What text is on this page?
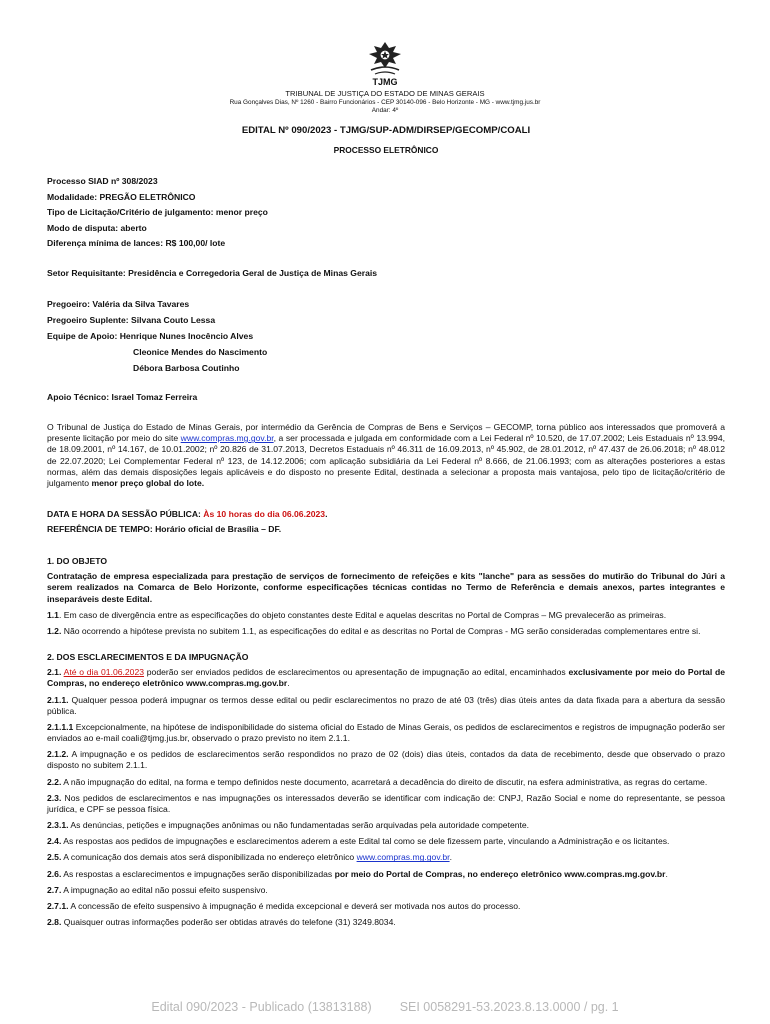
TJMG
TRIBUNAL DE JUSTIÇA DO ESTADO DE MINAS GERAIS
Rua Gonçalves Dias, Nº 1260 - Bairro Funcionários - CEP 30140-096 - Belo Horizonte - MG - www.tjmg.jus.br
Andar: 4º
EDITAL Nº 090/2023 - TJMG/SUP-ADM/DIRSEP/GECOMP/COALI
PROCESSO ELETRÔNICO
Processo SIAD nº 308/2023
Modalidade: PREGÃO ELETRÔNICO
Tipo de Licitação/Critério de julgamento: menor preço
Modo de disputa: aberto
Diferença mínima de lances: R$ 100,00/ lote
Setor Requisitante: Presidência e Corregedoria Geral de Justiça de Minas Gerais
Pregoeiro: Valéria da Silva Tavares
Pregoeiro Suplente: Silvana Couto Lessa
Equipe de Apoio: Henrique Nunes Inocêncio Alves
Cleonice Mendes do Nascimento
Débora Barbosa Coutinho
Apoio Técnico: Israel Tomaz Ferreira
O Tribunal de Justiça do Estado de Minas Gerais, por intermédio da Gerência de Compras de Bens e Serviços – GECOMP, torna público aos interessados que promoverá a presente licitação por meio do site www.compras.mg.gov.br, a ser processada e julgada em conformidade com a Lei Federal nº 10.520, de 17.07.2002; Leis Estaduais nº 13.994, de 18.09.2001, nº 14.167, de 10.01.2002; nº 20.826 de 31.07.2013, Decretos Estaduais nº 46.311 de 16.09.2013, nº 45.902, de 28.01.2012, nº 47.437 de 26.06.2018; nº 48.012 de 22.07.2020; Lei Complementar Federal nº 123, de 14.12.2006; com aplicação subsidiária da Lei Federal nº 8.666, de 21.06.1993; com as alterações posteriores a estas normas, além das demais disposições legais aplicáveis e do disposto no presente Edital, destinada a selecionar a proposta mais vantajosa, pelo tipo de licitação/critério de julgamento menor preço global do lote.
DATA E HORA DA SESSÃO PÚBLICA: Às 10 horas do dia 06.06.2023.
REFERÊNCIA DE TEMPO: Horário oficial de Brasília – DF.

1. DO OBJETO

Contratação de empresa especializada para prestação de serviços de fornecimento de refeições e kits "lanche" para as sessões do mutirão do Tribunal do Júri a serem realizados na Comarca de Belo Horizonte, conforme especificações técnicas contidas no Termo de Referência e demais anexos, partes integrantes e inseparáveis deste Edital.

1.1. Em caso de divergência entre as especificações do objeto constantes deste Edital e aquelas descritas no Portal de Compras – MG prevalecerão as primeiras.

1.2. Não ocorrendo a hipótese prevista no subitem 1.1, as especificações do edital e as descritas no Portal de Compras - MG serão consideradas complementares entre si.

2. DOS ESCLARECIMENTOS E DA IMPUGNAÇÃO

2.1. Até o dia 01.06.2023 poderão ser enviados pedidos de esclarecimentos ou apresentação de impugnação ao edital, encaminhados exclusivamente por meio do Portal de Compras, no endereço eletrônico www.compras.mg.gov.br.

2.1.1. Qualquer pessoa poderá impugnar os termos desse edital ou pedir esclarecimentos no prazo de até 03 (três) dias úteis antes da data fixada para a abertura da sessão pública.

2.1.1.1 Excepcionalmente, na hipótese de indisponibilidade do sistema oficial do Estado de Minas Gerais, os pedidos de esclarecimentos e registros de impugnação poderão ser enviados ao e-mail coali@tjmg.jus.br, observado o prazo previsto no item 2.1.1.

2.1.2. A impugnação e os pedidos de esclarecimentos serão respondidos no prazo de 02 (dois) dias úteis, contados da data de recebimento, desde que observado o prazo disposto no subitem 2.1.1.

2.2. A não impugnação do edital, na forma e tempo definidos neste documento, acarretará a decadência do direito de discutir, na esfera administrativa, as regras do certame.

2.3. Nos pedidos de esclarecimentos e nas impugnações os interessados deverão se identificar com indicação de: CNPJ, Razão Social e nome do representante, se pessoa jurídica, e CPF se pessoa física.

2.3.1. As denúncias, petições e impugnações anônimas ou não fundamentadas serão arquivadas pela autoridade competente.

2.4. As respostas aos pedidos de impugnações e esclarecimentos aderem a este Edital tal como se dele fizessem parte, vinculando a Administração e os licitantes.

2.5. A comunicação dos demais atos será disponibilizada no endereço eletrônico www.compras.mg.gov.br.

2.6. As respostas a esclarecimentos e impugnações serão disponibilizadas por meio do Portal de Compras, no endereço eletrônico www.compras.mg.gov.br.

2.7. A impugnação ao edital não possui efeito suspensivo.

2.7.1. A concessão de efeito suspensivo à impugnação é medida excepcional e deverá ser motivada nos autos do processo.

2.8. Quaisquer outras informações poderão ser obtidas através do telefone (31) 3249.8034.

Edital 090/2023 - Publicado (13813188) SEI 0058291-53.2023.8.13.0000 / pg. 1
